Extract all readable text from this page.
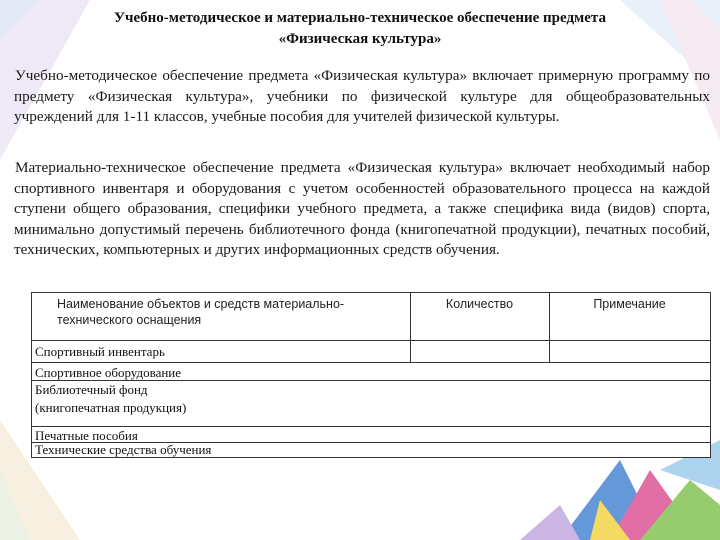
Учебно-методическое и материально-техническое обеспечение предмета
«Физическая культура»

Учебно-методическое обеспечение предмета «Физическая культура» включает примерную программу по предмету «Физическая культура», учебники по физической культуре для общеобразовательных учреждений для 1-11 классов, учебные пособия для учителей физической культуры.

Материально-техническое обеспечение предмета «Физическая культура» включает необходимый набор спортивного инвентаря и оборудования с учетом особенностей образовательного процесса на каждой ступени общего образования, специфики учебного предмета, а также специфика вида (видов) спорта, минимально допустимый перечень библиотечного фонда (книгопечатной продукции), печатных пособий, технических, компьютерных и других информационных средств обучения.

Наименование объектов и средств материально-
технического оснащения
Количество	Примечание
Спортивный инвентарь
Спортивное оборудование
Библиотечный фонд
(книгопечатная продукция)
Печатные пособия
Технические средства обучения
